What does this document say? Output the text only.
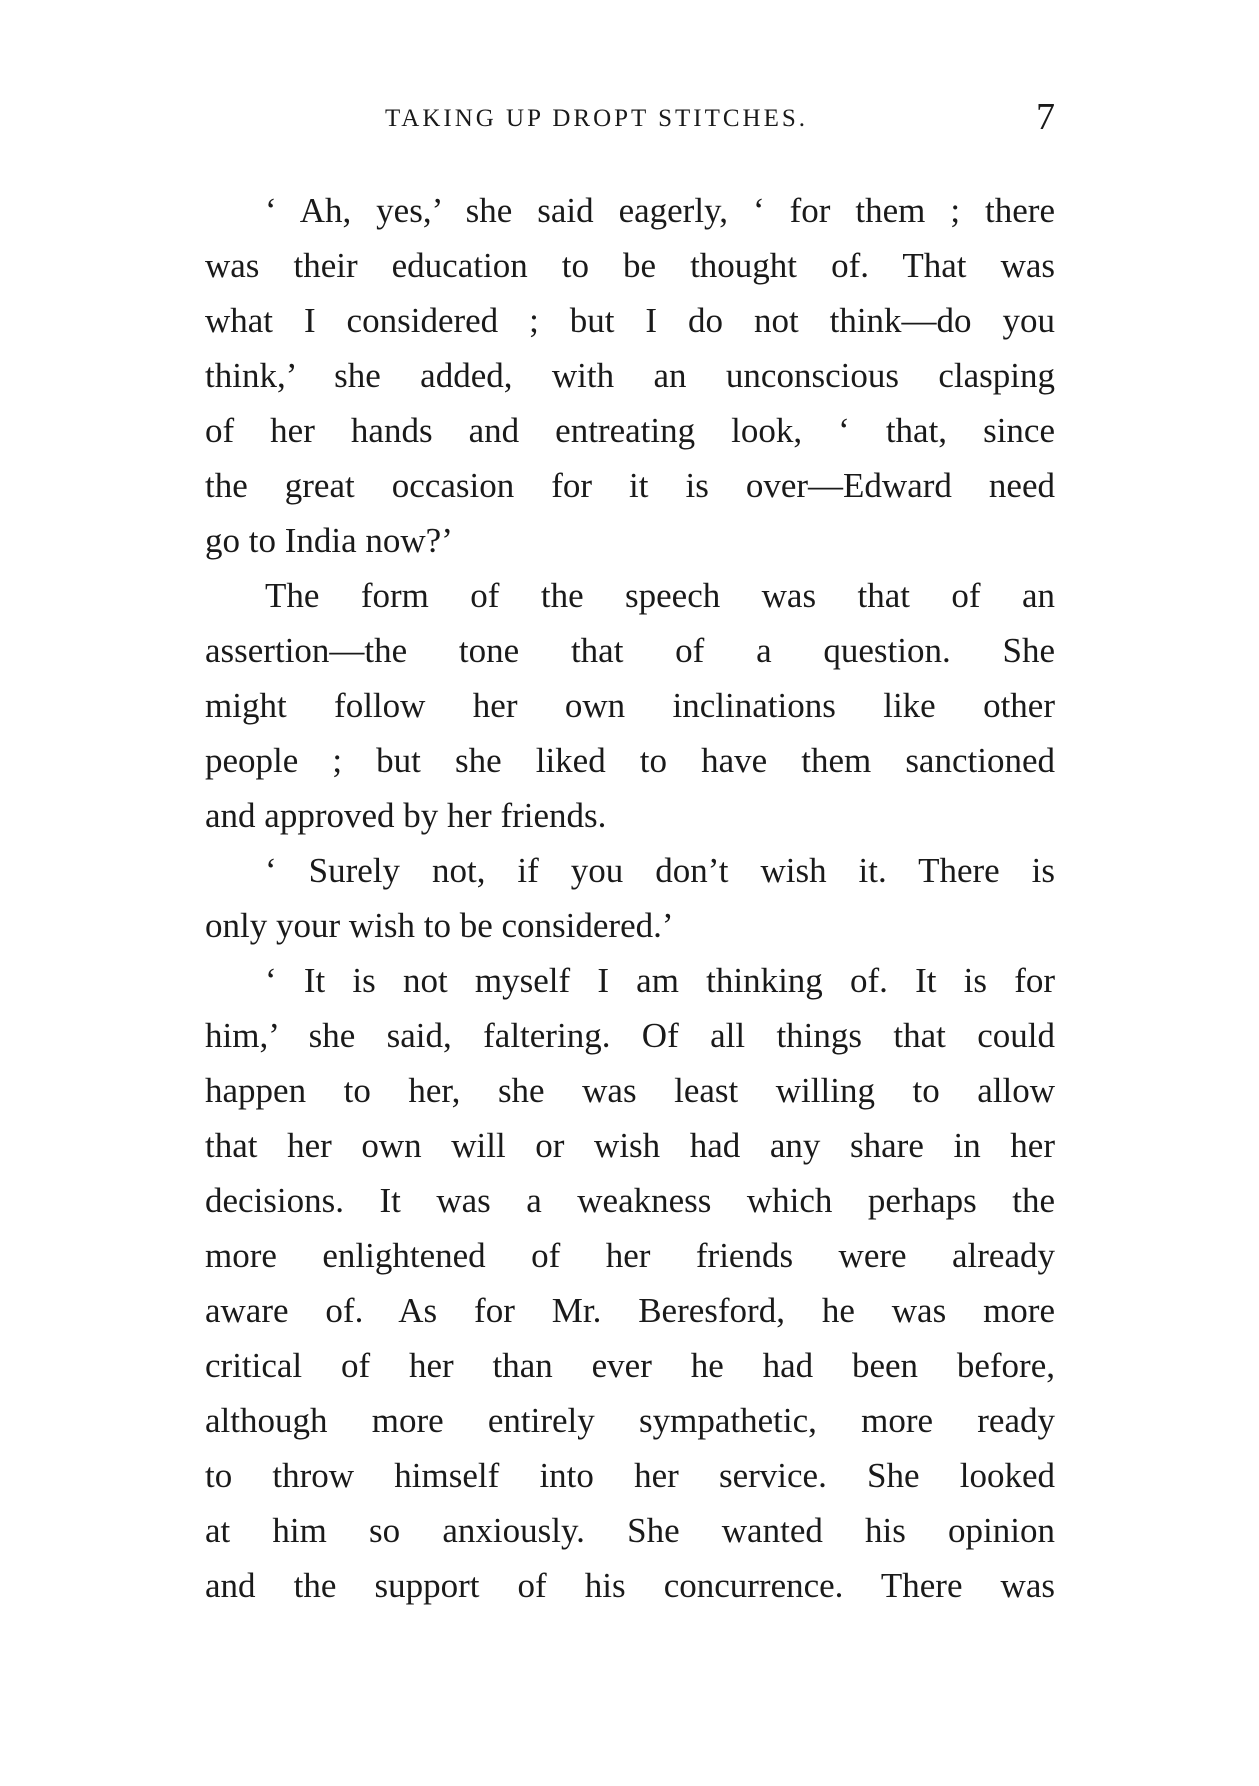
TAKING UP DROPT STITCHES.	7
‘ Ah, yes,’ she said eagerly, ‘ for them ; there
was their education to be thought of. That was
what I considered ; but I do not think—do you
think,’ she added, with an unconscious clasping
of her hands and entreating look, ‘ that, since
the great occasion for it is over—Edward need
go to India now?’
The form of the speech was that of an
assertion—the tone that of a question. She
might follow her own inclinations like other
people ; but she liked to have them sanctioned
and approved by her friends.
‘ Surely not, if you don’t wish it. There is
only your wish to be considered.’
‘ It is not myself I am thinking of. It is for
him,’ she said, faltering. Of all things that could
happen to her, she was least willing to allow
that her own will or wish had any share in her
decisions. It was a weakness which perhaps the
more enlightened of her friends were already
aware of. As for Mr. Beresford, he was more
critical of her than ever he had been before,
although more entirely sympathetic, more ready
to throw himself into her service. She looked
at him so anxiously. She wanted his opinion
and the support of his concurrence. There was
